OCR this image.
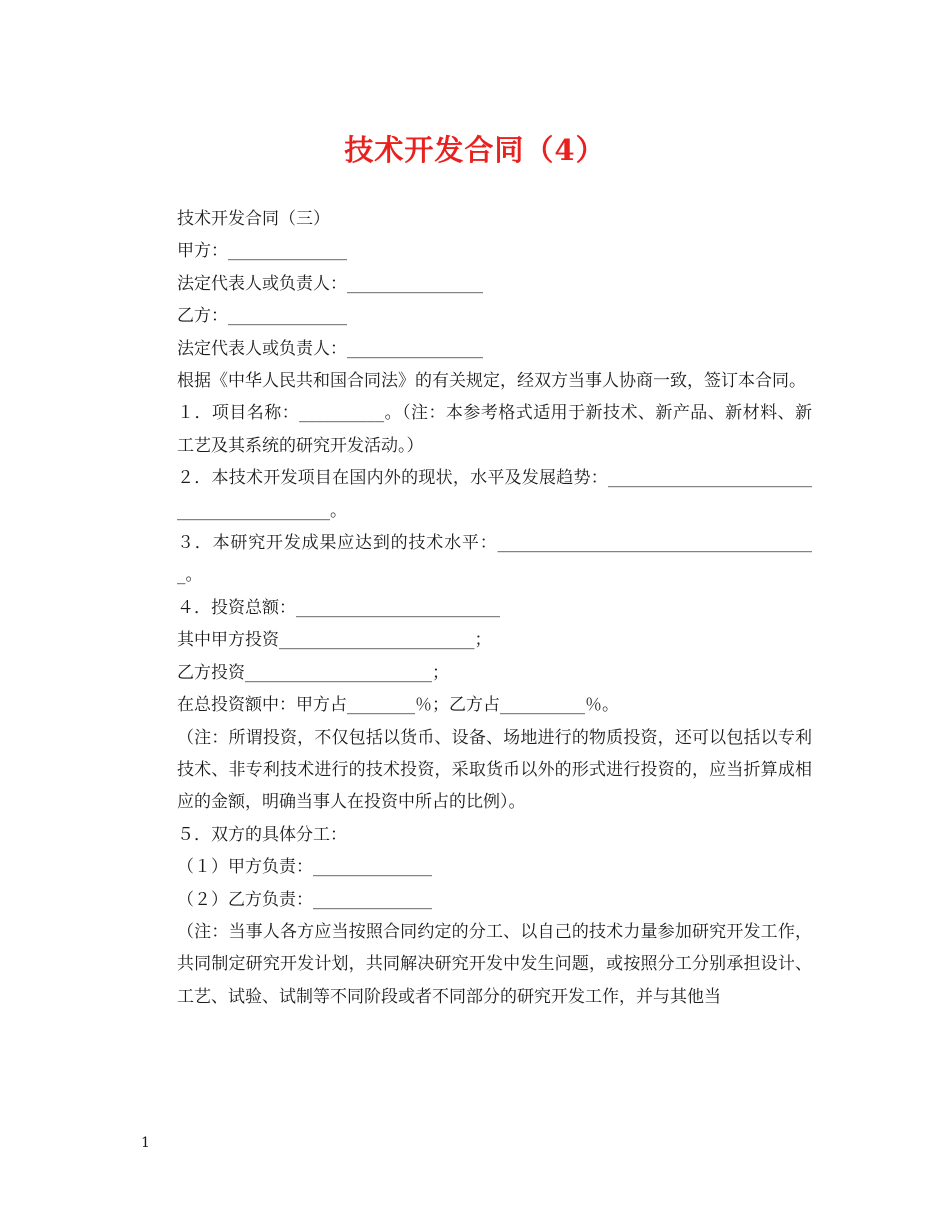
技术开发合同（4）

技术开发合同（三）

甲方：______________

法定代表人或负责人：________________

乙方：______________

法定代表人或负责人：________________

根据《中华人民共和国合同法》的有关规定，经双方当事人协商一致，签订本合同。

１．项目名称：__________。（注：本参考格式适用于新技术、新产品、新材料、新工艺及其系统的研究开发活动。）

２．本技术开发项目在国内外的现状，水平及发展趋势：__________________________________________。

３．本研究开发成果应达到的技术水平：______________________________________。

４．投资总额：________________________

其中甲方投资_______________________；

乙方投资______________________；

在总投资额中：甲方占________％；乙方占__________％。

（注：所谓投资，不仅包括以货币、设备、场地进行的物质投资，还可以包括以专利技术、非专利技术进行的技术投资，采取货币以外的形式进行投资的，应当折算成相应的金额，明确当事人在投资中所占的比例）。

５．双方的具体分工：

（１）甲方负责：______________

（２）乙方负责：______________

（注：当事人各方应当按照合同约定的分工、以自己的技术力量参加研究开发工作，共同制定研究开发计划，共同解决研究开发中发生问题，或按照分工分别承担设计、工艺、试验、试制等不同阶段或者不同部分的研究开发工作，并与其他当

1
